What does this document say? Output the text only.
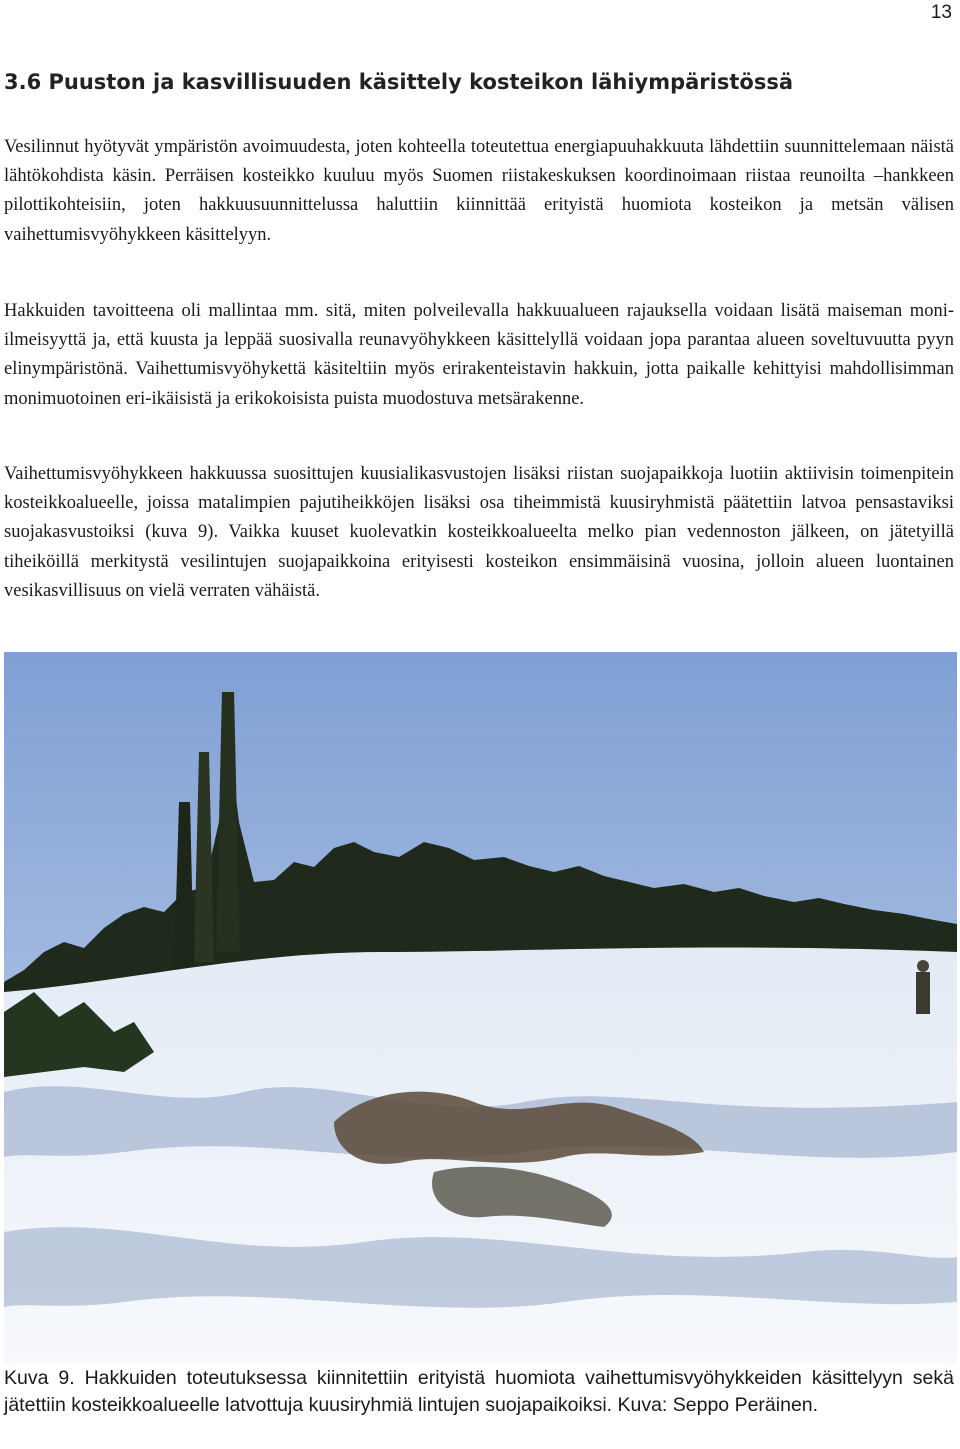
13
3.6 Puuston ja kasvillisuuden käsittely kosteikon lähiympäristössä

Vesilinnut hyötyvät ympäristön avoimuudesta, joten kohteella toteutettua energiapuuhakkuuta lähdettiin suunnittelemaan näistä lähtökohdista käsin. Perräisen kosteikko kuuluu myös Suomen riistakeskuksen koordinoimaan riistaa reunoilta –hankkeen pilottikohteisiin, joten hakkuusuunnittelussa haluttiin kiinnittää erityistä huomiota kosteikon ja metsän välisen vaihettumisvyöhykkeen käsittelyyn.

Hakkuiden tavoitteena oli mallintaa mm. sitä, miten polveilevalla hakkuualueen rajauksella voidaan lisätä maiseman moni-ilmeisyyttä ja, että kuusta ja leppää suosivalla reunavyöhykkeen käsittelyllä voidaan jopa parantaa alueen soveltuvuutta pyyn elinympäristönä. Vaihettumisvyöhykettä käsiteltiin myös erirakenteistavin hakkuin, jotta paikalle kehittyisi mahdollisimman monimuotoinen eri-ikäisistä ja erikokoisista puista muodostuva metsärakenne.

Vaihettumisvyöhykkeen hakkuussa suosittujen kuusialikasvustojen lisäksi riistan suojapaikkoja luotiin aktiivisin toimenpitein kosteikkoalueelle, joissa matalimpien pajutiheikköjen lisäksi osa tiheimmistä kuusiryhmistä päätettiin latvoa pensastaviksi suojakasvustoiksi (kuva 9). Vaikka kuuset kuolevatkin kosteikkoalueelta melko pian vedennoston jälkeen, on jätetyillä tiheiköillä merkitystä vesilintujen suojapaikkoina erityisesti kosteikon ensimmäisinä vuosina, jolloin alueen luontainen vesikasvillisuus on vielä verraten vähäistä.

Kuva 9. Hakkuiden toteutuksessa kiinnitettiin erityistä huomiota vaihettumisvyöhykkeiden käsittelyyn sekä jätettiin kosteikkoalueelle latvottuja kuusiryhmiä lintujen suojapaikoiksi. Kuva: Seppo Peräinen.
